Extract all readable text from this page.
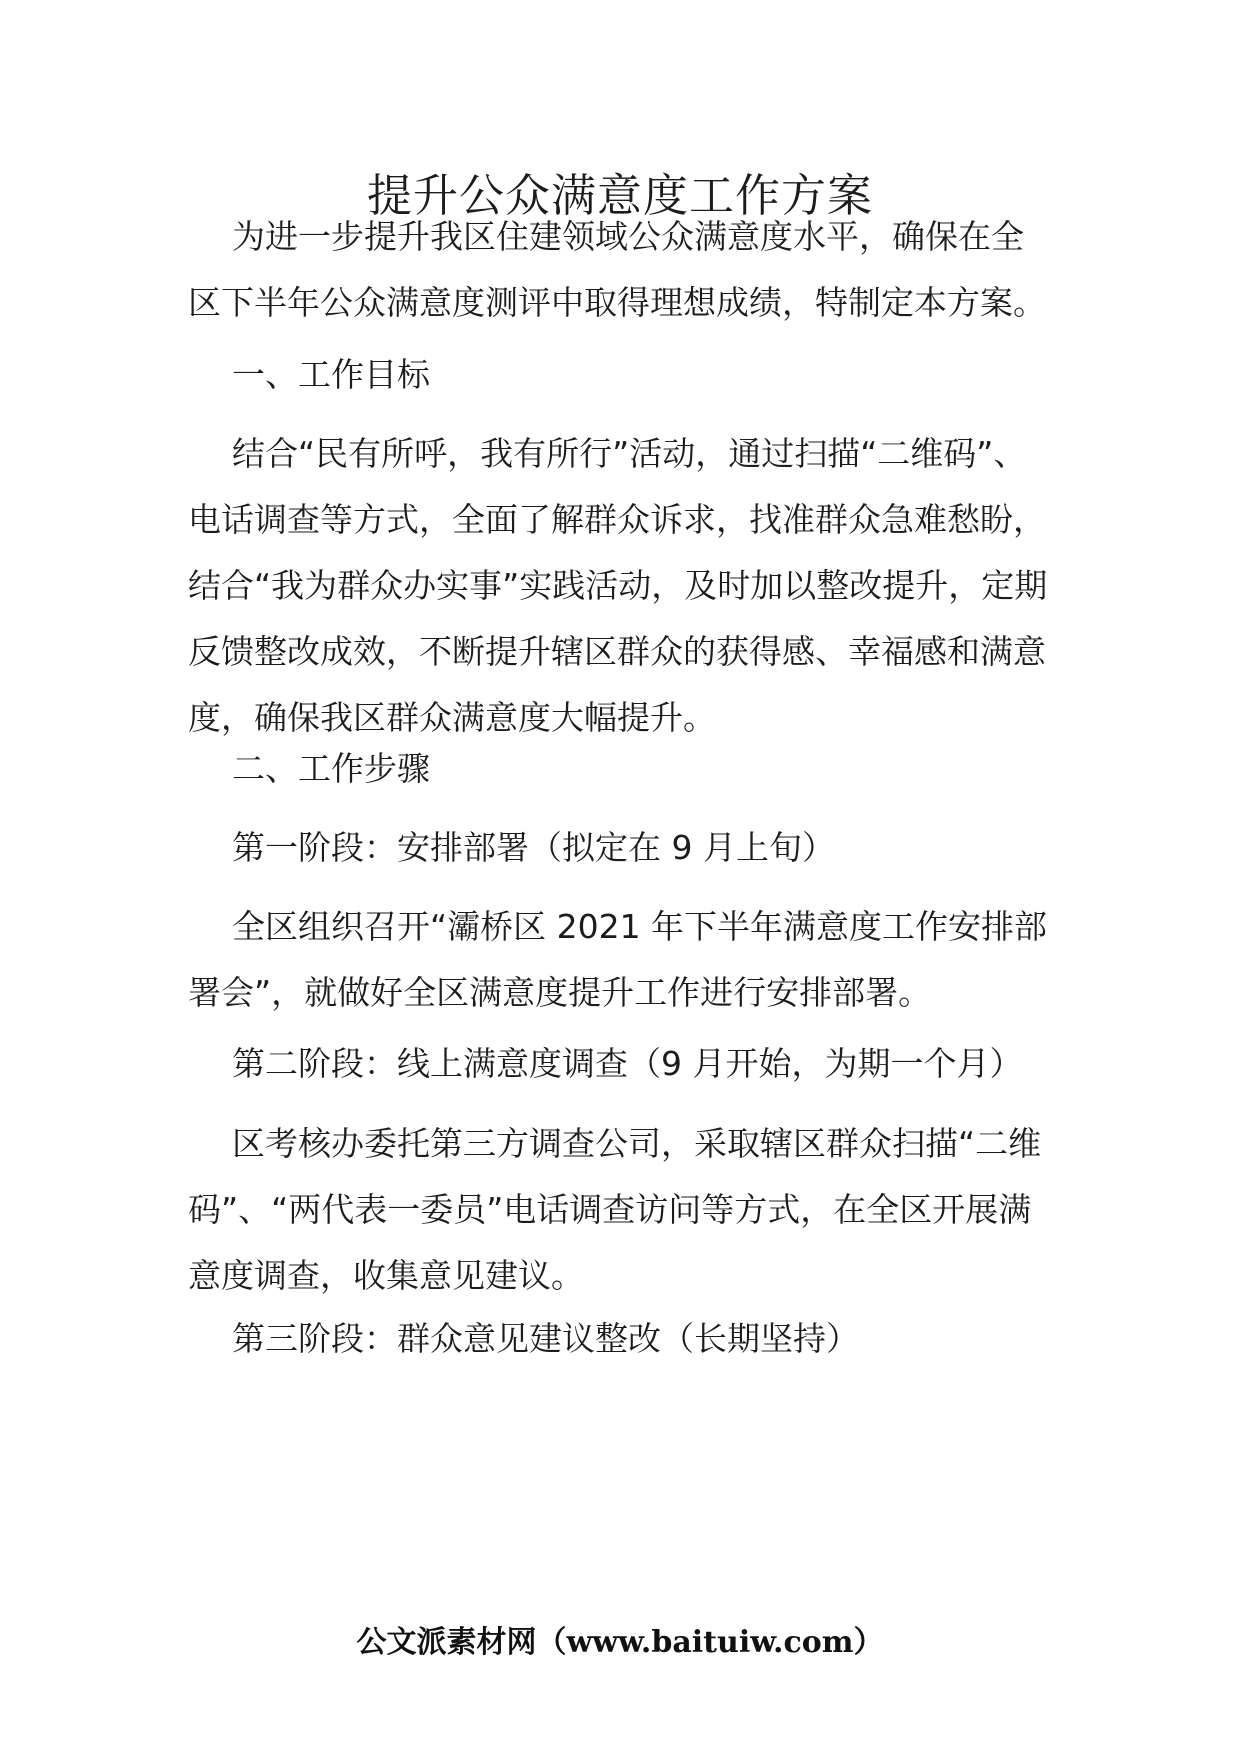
提升公众满意度工作方案

为进一步提升我区住建领域公众满意度水平，确保在全区下半年公众满意度测评中取得理想成绩，特制定本方案。

一、工作目标

结合“民有所呼，我有所行”活动，通过扫描“二维码”、电话调查等方式，全面了解群众诉求，找准群众急难愁盼，结合“我为群众办实事”实践活动，及时加以整改提升，定期反馈整改成效，不断提升辖区群众的获得感、幸福感和满意度，确保我区群众满意度大幅提升。

二、工作步骤

第一阶段：安排部署（拟定在 9 月上旬）

全区组织召开“灞桥区 2021 年下半年满意度工作安排部署会”，就做好全区满意度提升工作进行安排部署。

第二阶段：线上满意度调查（9 月开始，为期一个月）

区考核办委托第三方调查公司，采取辖区群众扫描“二维码”、“两代表一委员”电话调查访问等方式，在全区开展满意度调查，收集意见建议。

第三阶段：群众意见建议整改（长期坚持）

公文派素材网（www.baituiw.com）
